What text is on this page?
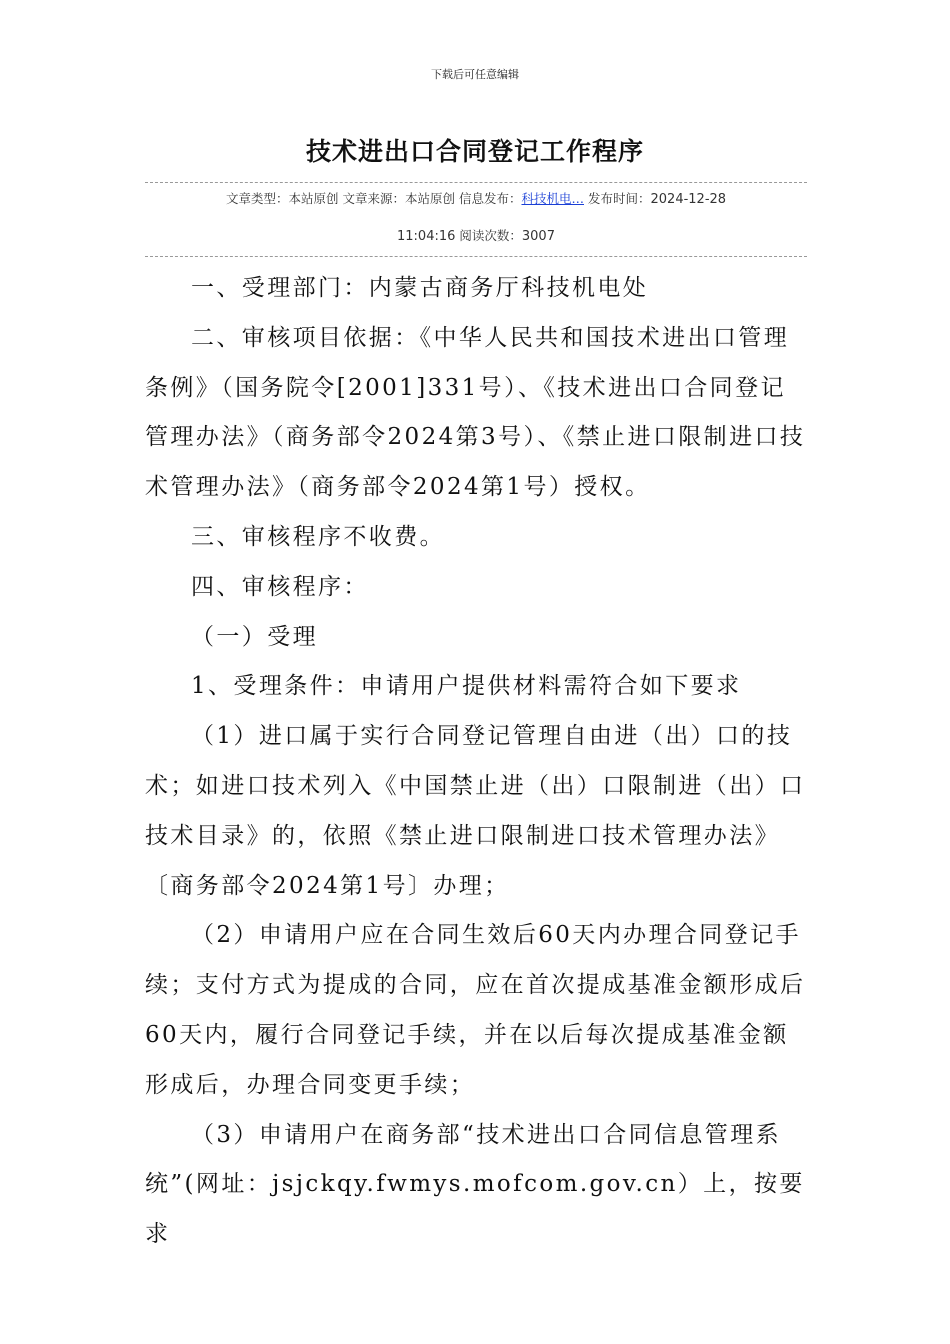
下载后可任意编辑
技术进出口合同登记工作程序
文章类型：本站原创 文章来源：本站原创 信息发布：科技机电… 发布时间：2024-12-28
11:04:16 阅读次数：3007

一、受理部门：内蒙古商务厅科技机电处

二、审核项目依据：《中华人民共和国技术进出口管理条例》（国务院令[2001]331号）、《技术进出口合同登记管理办法》（商务部令2024第3号）、《禁止进口限制进口技术管理办法》（商务部令2024第1号）授权。

三、审核程序不收费。

四、审核程序：

（一）受理

1、受理条件：申请用户提供材料需符合如下要求

（1）进口属于实行合同登记管理自由进（出）口的技术；如进口技术列入《中国禁止进（出）口限制进（出）口技术目录》的，依照《禁止进口限制进口技术管理办法》〔商务部令2024第1号〕办理；

（2）申请用户应在合同生效后60天内办理合同登记手续；支付方式为提成的合同，应在首次提成基准金额形成后60天内，履行合同登记手续，并在以后每次提成基准金额形成后，办理合同变更手续；

（3）申请用户在商务部“技术进出口合同信息管理系统”(网址：jsjckqy.fwmys.mofcom.gov.cn）上，按要求
